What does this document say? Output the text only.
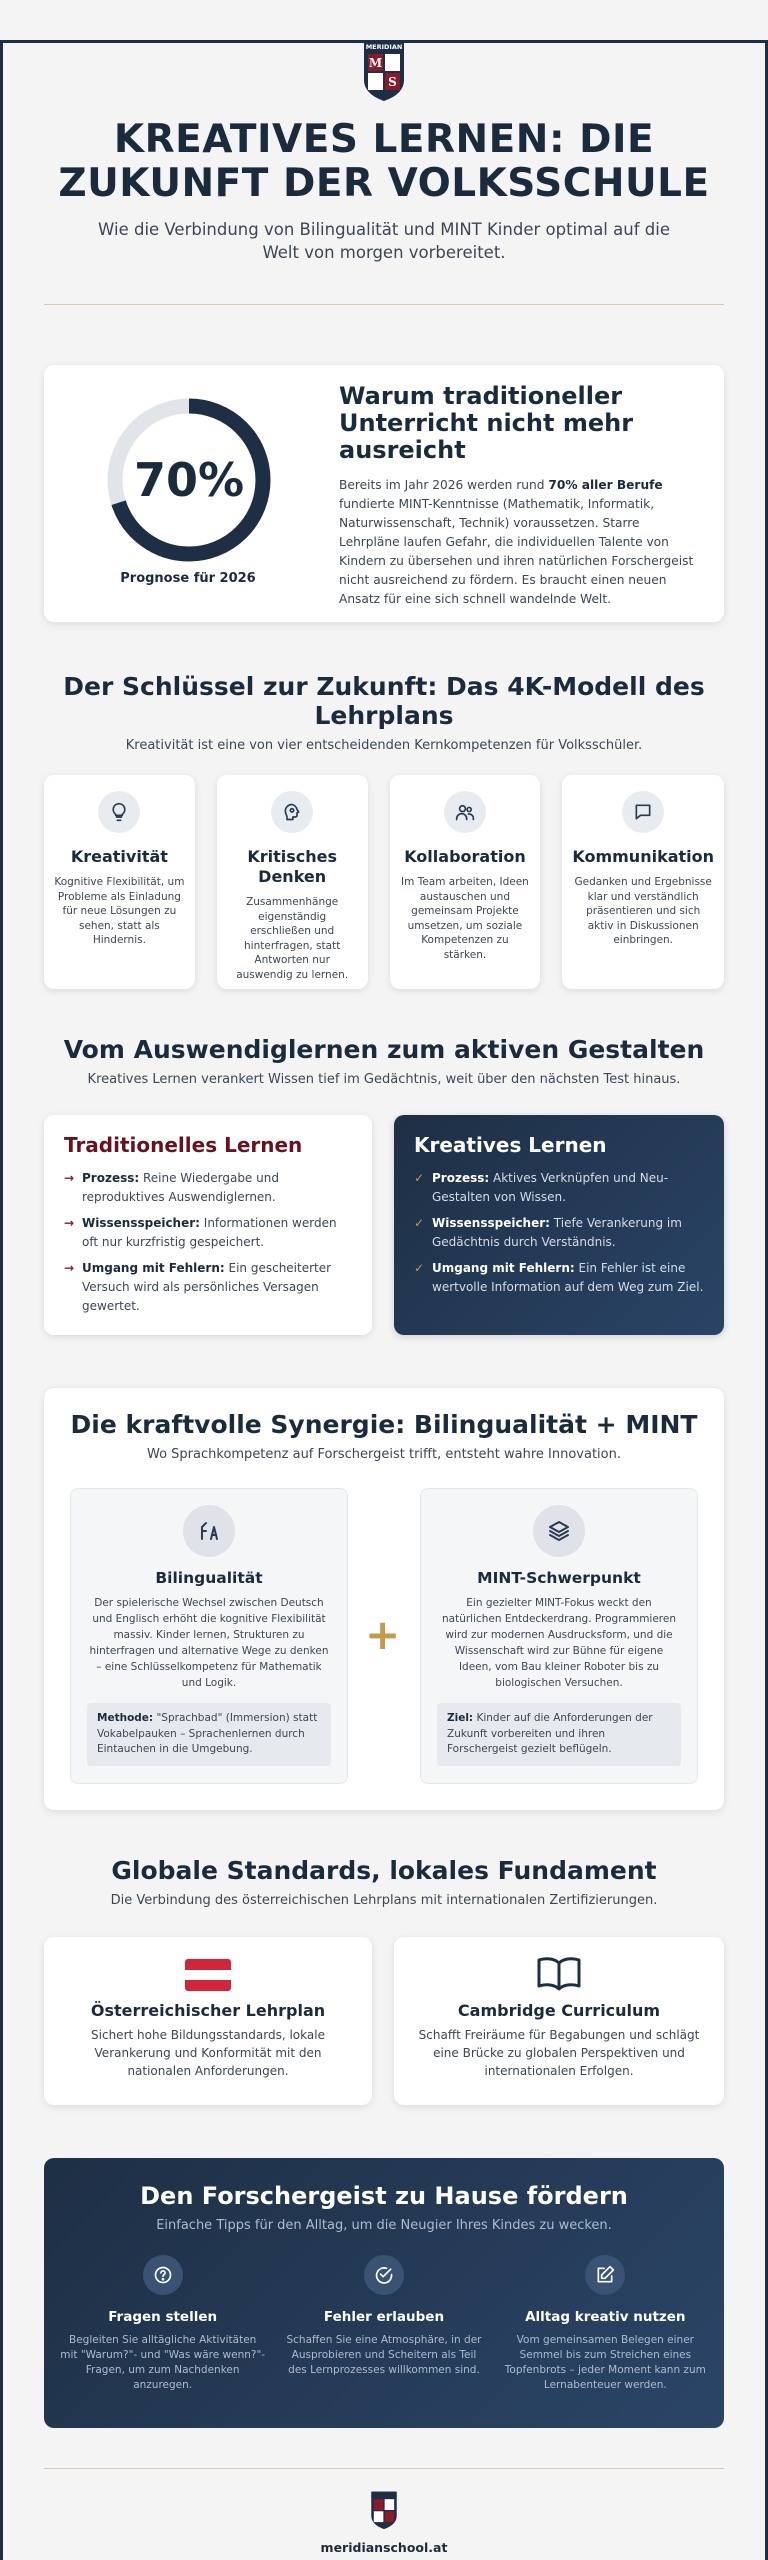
MERIDIAN
M
S
KREATIVES LERNEN: DIE ZUKUNFT DER VOLKSSCHULE

Wie die Verbindung von Bilingualität und MINT Kinder optimal auf die Welt von morgen vorbereitet.

70%
Prognose für 2026
Warum traditioneller Unterricht nicht mehr ausreicht

Bereits im Jahr 2026 werden rund 70% aller Berufe fundierte MINT-Kenntnisse (Mathematik, Informatik, Naturwissenschaft, Technik) voraussetzen. Starre Lehrpläne laufen Gefahr, die individuellen Talente von Kindern zu übersehen und ihren natürlichen Forschergeist nicht ausreichend zu fördern. Es braucht einen neuen Ansatz für eine sich schnell wandelnde Welt.

Der Schlüssel zur Zukunft: Das 4K-Modell des Lehrplans
Kreativität ist eine von vier entscheidenden Kernkompetenzen für Volksschüler.
Kreativität
Kognitive Flexibilität, um Probleme als Einladung für neue Lösungen zu sehen, statt als Hindernis.
Kritisches Denken
Zusammenhänge eigenständig erschließen und hinterfragen, statt Antworten nur auswendig zu lernen.
Kollaboration
Im Team arbeiten, Ideen austauschen und gemeinsam Projekte umsetzen, um soziale Kompetenzen zu stärken.
Kommunikation
Gedanken und Ergebnisse klar und verständlich präsentieren und sich aktiv in Diskussionen einbringen.
Vom Auswendiglernen zum aktiven Gestalten
Kreatives Lernen verankert Wissen tief im Gedächtnis, weit über den nächsten Test hinaus.
Traditionelles Lernen
→ Prozess: Reine Wiedergabe und reproduktives Auswendiglernen.
→ Wissensspeicher: Informationen werden oft nur kurzfristig gespeichert.
→ Umgang mit Fehlern: Ein gescheiterter Versuch wird als persönliches Versagen gewertet.
Kreatives Lernen
✓ Prozess: Aktives Verknüpfen und Neu-Gestalten von Wissen.
✓ Wissensspeicher: Tiefe Verankerung im Gedächtnis durch Verständnis.
✓ Umgang mit Fehlern: Ein Fehler ist eine wertvolle Information auf dem Weg zum Ziel.
Die kraftvolle Synergie: Bilingualität + MINT
Wo Sprachkompetenz auf Forschergeist trifft, entsteht wahre Innovation.
Bilingualität
Der spielerische Wechsel zwischen Deutsch und Englisch erhöht die kognitive Flexibilität massiv. Kinder lernen, Strukturen zu hinterfragen und alternative Wege zu denken – eine Schlüsselkompetenz für Mathematik und Logik.
Methode: "Sprachbad" (Immersion) statt Vokabelpauken – Sprachenlernen durch Eintauchen in die Umgebung.
+
MINT-Schwerpunkt
Ein gezielter MINT-Fokus weckt den natürlichen Entdeckerdrang. Programmieren wird zur modernen Ausdrucksform, und die Wissenschaft wird zur Bühne für eigene Ideen, vom Bau kleiner Roboter bis zu biologischen Versuchen.
Ziel: Kinder auf die Anforderungen der Zukunft vorbereiten und ihren Forschergeist gezielt beflügeln.
Globale Standards, lokales Fundament
Die Verbindung des österreichischen Lehrplans mit internationalen Zertifizierungen.
Österreichischer Lehrplan
Sichert hohe Bildungsstandards, lokale Verankerung und Konformität mit den nationalen Anforderungen.
Cambridge Curriculum
Schafft Freiräume für Begabungen und schlägt eine Brücke zu globalen Perspektiven und internationalen Erfolgen.
Den Forschergeist zu Hause fördern
Einfache Tipps für den Alltag, um die Neugier Ihres Kindes zu wecken.
Fragen stellen
Begleiten Sie alltägliche Aktivitäten mit "Warum?"- und "Was wäre wenn?"-Fragen, um zum Nachdenken anzuregen.
Fehler erlauben
Schaffen Sie eine Atmosphäre, in der Ausprobieren und Scheitern als Teil des Lernprozesses willkommen sind.
Alltag kreativ nutzen
Vom gemeinsamen Belegen einer Semmel bis zum Streichen eines Topfenbrots – jeder Moment kann zum Lernabenteuer werden.
meridianschool.at
